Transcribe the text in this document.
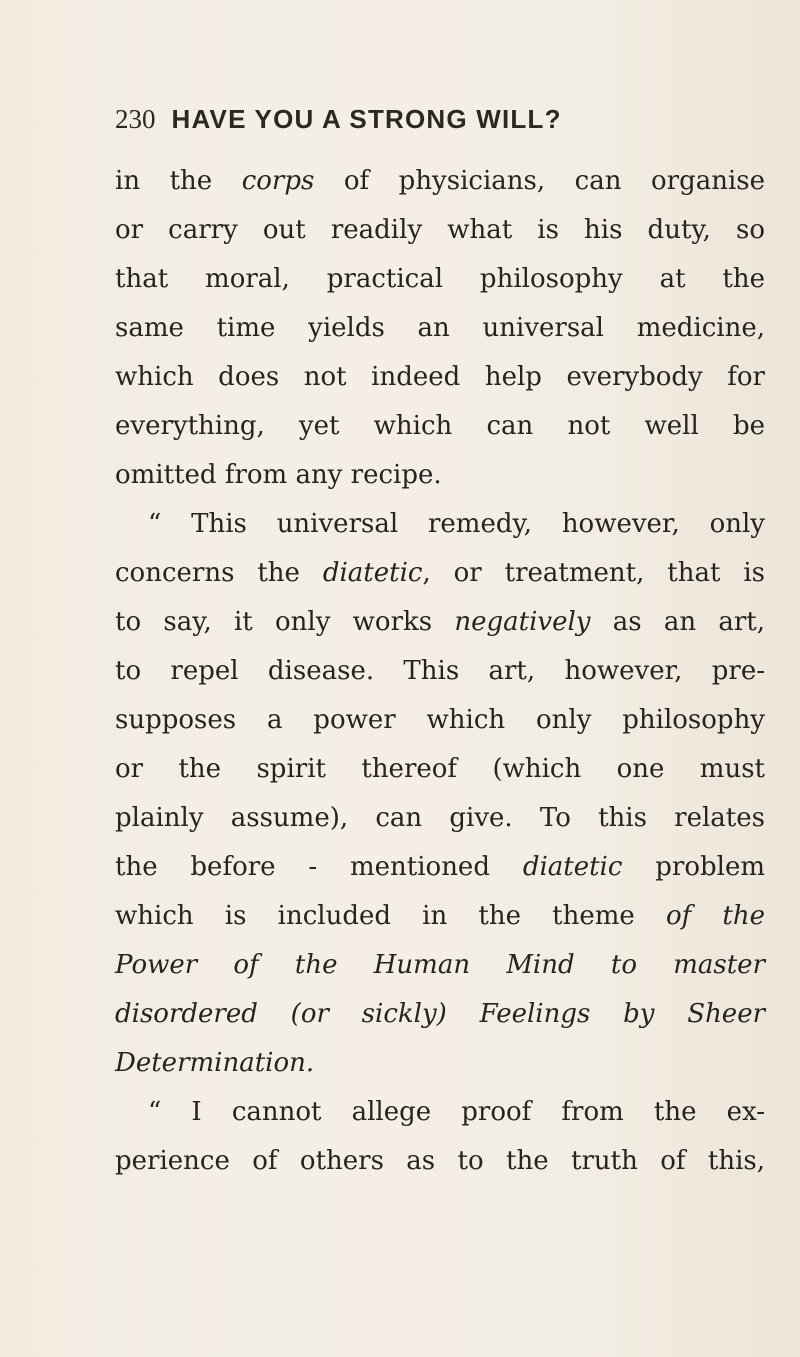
230 HAVE YOU A STRONG WILL?
in the corps of physicians, can organise
or carry out readily what is his duty, so
that moral, practical philosophy at the
same time yields an universal medicine,
which does not indeed help everybody for
everything, yet which can not well be
omitted from any recipe.
“ This universal remedy, however, only
concerns the diatetic, or treatment, that is
to say, it only works negatively as an art,
to repel disease. This art, however, pre-
supposes a power which only philosophy
or the spirit thereof (which one must
plainly assume), can give. To this relates
the before - mentioned diatetic problem
which is included in the theme of the
Power of the Human Mind to master
disordered (or sickly) Feelings by Sheer
Determination.
“ I cannot allege proof from the ex-
perience of others as to the truth of this,
